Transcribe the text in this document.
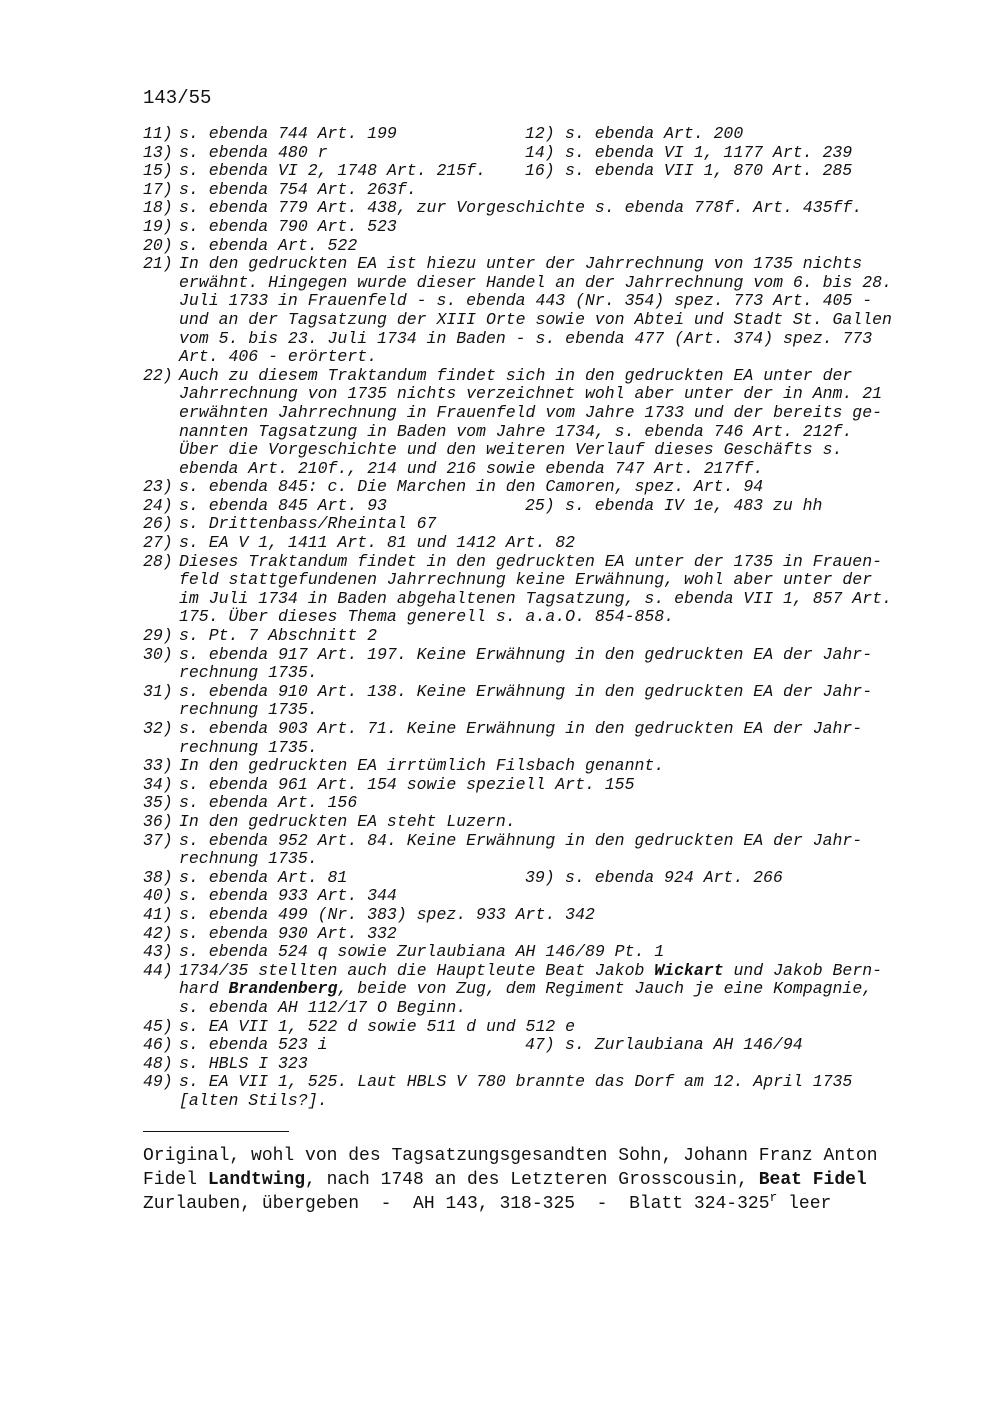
143/55
11) s. ebenda 744 Art. 199	12) s. ebenda Art. 200
13) s. ebenda 480 r	14) s. ebenda VI 1, 1177 Art. 239
15) s. ebenda VI 2, 1748 Art. 215f. 16) s. ebenda VII 1, 870 Art. 285
17) s. ebenda 754 Art. 263f.
18) s. ebenda 779 Art. 438, zur Vorgeschichte s. ebenda 778f. Art. 435ff.
19) s. ebenda 790 Art. 523
20) s. ebenda Art. 522
21) In den gedruckten EA ist hiezu unter der Jahrrechnung von 1735 nichts
erwähnt. Hingegen wurde dieser Handel an der Jahrrechnung vom 6. bis 28.
Juli 1733 in Frauenfeld - s. ebenda 443 (Nr. 354) spez. 773 Art. 405 -
und an der Tagsatzung der XIII Orte sowie von Abtei und Stadt St. Gallen
vom 5. bis 23. Juli 1734 in Baden - s. ebenda 477 (Art. 374) spez. 773
Art. 406 - erörtert.
22) Auch zu diesem Traktandum findet sich in den gedruckten EA unter der
Jahrrechnung von 1735 nichts verzeichnet wohl aber unter der in Anm. 21
erwähnten Jahrrechnung in Frauenfeld vom Jahre 1733 und der bereits ge-
nannten Tagsatzung in Baden vom Jahre 1734, s. ebenda 746 Art. 212f.
Über die Vorgeschichte und den weiteren Verlauf dieses Geschäfts s.
ebenda Art. 210f., 214 und 216 sowie ebenda 747 Art. 217ff.
23) s. ebenda 845: c. Die Marchen in den Camoren, spez. Art. 94
24) s. ebenda 845 Art. 93	25) s. ebenda IV 1e, 483 zu hh
26) s. Drittenbass/Rheintal 67
27) s. EA V 1, 1411 Art. 81 und 1412 Art. 82
28) Dieses Traktandum findet in den gedruckten EA unter der 1735 in Frauen-
feld stattgefundenen Jahrrechnung keine Erwähnung, wohl aber unter der
im Juli 1734 in Baden abgehaltenen Tagsatzung, s. ebenda VII 1, 857 Art.
175. Über dieses Thema generell s. a.a.O. 854-858.
29) s. Pt. 7 Abschnitt 2
30) s. ebenda 917 Art. 197. Keine Erwähnung in den gedruckten EA der Jahr-
rechnung 1735.
31) s. ebenda 910 Art. 138. Keine Erwähnung in den gedruckten EA der Jahr-
rechnung 1735.
32) s. ebenda 903 Art. 71. Keine Erwähnung in den gedruckten EA der Jahr-
rechnung 1735.
33) In den gedruckten EA irrtümlich Filsbach genannt.
34) s. ebenda 961 Art. 154 sowie speziell Art. 155
35) s. ebenda Art. 156
36) In den gedruckten EA steht Luzern.
37) s. ebenda 952 Art. 84. Keine Erwähnung in den gedruckten EA der Jahr-
rechnung 1735.
38) s. ebenda Art. 81	39) s. ebenda 924 Art. 266
40) s. ebenda 933 Art. 344
41) s. ebenda 499 (Nr. 383) spez. 933 Art. 342
42) s. ebenda 930 Art. 332
43) s. ebenda 524 q sowie Zurlaubiana AH 146/89 Pt. 1
44) 1734/35 stellten auch die Hauptleute Beat Jakob Wickart und Jakob Bern-
hard Brandenberg, beide von Zug, dem Regiment Jauch je eine Kompagnie,
s. ebenda AH 112/17 O Beginn.
45) s. EA VII 1, 522 d sowie 511 d und 512 e
46) s. ebenda 523 i	47) s. Zurlaubiana AH 146/94
48) s. HBLS I 323
49) s. EA VII 1, 525. Laut HBLS V 780 brannte das Dorf am 12. April 1735
[alten Stils?].
Original, wohl von des Tagsatzungsgesandten Sohn, Johann Franz Anton
Fidel Landtwing, nach 1748 an des Letzteren Grosscousin, Beat Fidel
Zurlauben, übergeben  -  AH 143, 318-325  -  Blatt 324-325$^r$ leer
